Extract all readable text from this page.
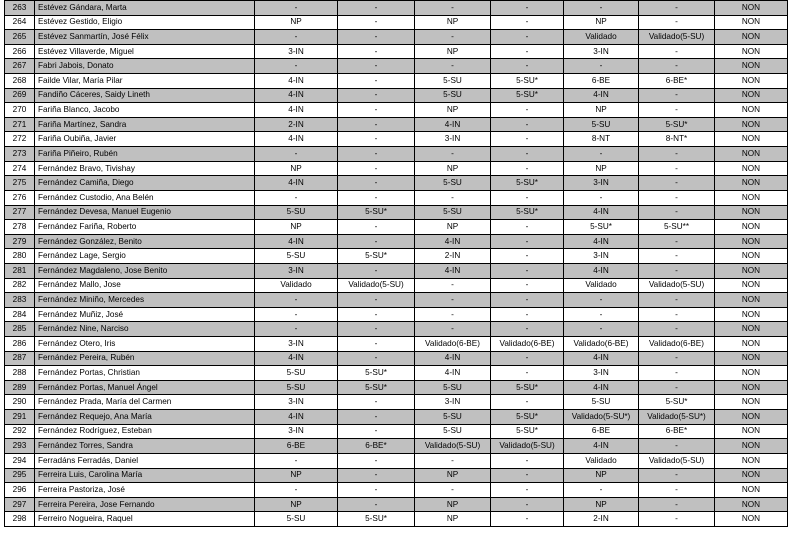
263	Estévez Gándara, Marta	-	-	-	-	-	-	NON
264	Estévez Gestido, Eligio	NP	-	NP	-	NP	-	NON
265	Estévez Sanmartín, José Félix	-	-	-	-	Validado	Validado(5-SU)	NON
266	Estévez Villaverde, Miguel	3-IN	-	NP	-	3-IN	-	NON
267	Fabri Jabois, Donato	-	-	-	-	-	-	NON
268	Failde Vilar, María Pilar	4-IN	-	5-SU	5-SU*	6-BE	6-BE*	NON
269	Fandiño Cáceres, Saidy Lineth	4-IN	-	5-SU	5-SU*	4-IN	-	NON
270	Fariña Blanco, Jacobo	4-IN	-	NP	-	NP	-	NON
271	Fariña Martínez, Sandra	2-IN	-	4-IN	-	5-SU	5-SU*	NON
272	Fariña Oubiña, Javier	4-IN	-	3-IN	-	8-NT	8-NT*	NON
273	Fariña Piñeiro, Rubén	-	-	-	-	-	-	NON
274	Fernández Bravo, Tivishay	NP	-	NP	-	NP	-	NON
275	Fernández Camiña, Diego	4-IN	-	5-SU	5-SU*	3-IN	-	NON
276	Fernández Custodio, Ana Belén	-	-	-	-	-	-	NON
277	Fernández Devesa, Manuel Eugenio	5-SU	5-SU*	5-SU	5-SU*	4-IN	-	NON
278	Fernández Fariña, Roberto	NP	-	NP	-	5-SU*	5-SU**	NON
279	Fernández González, Benito	4-IN	-	4-IN	-	4-IN	-	NON
280	Fernández Lage, Sergio	5-SU	5-SU*	2-IN	-	3-IN	-	NON
281	Fernández Magdaleno, Jose Benito	3-IN	-	4-IN	-	4-IN	-	NON
282	Fernández Mallo, Jose	Validado	Validado(5-SU)	-	-	Validado	Validado(5-SU)	NON
283	Fernández Miniño, Mercedes	-	-	-	-	-	-	NON
284	Fernández Muñiz, José	-	-	-	-	-	-	NON
285	Fernández Nine, Narciso	-	-	-	-	-	-	NON
286	Fernández Otero, Iris	3-IN	-	Validado(6-BE)	Validado(6-BE)	Validado(6-BE)	Validado(6-BE)	NON
287	Fernández Pereira, Rubén	4-IN	-	4-IN	-	4-IN	-	NON
288	Fernández Portas, Christian	5-SU	5-SU*	4-IN	-	3-IN	-	NON
289	Fernández Portas, Manuel Ángel	5-SU	5-SU*	5-SU	5-SU*	4-IN	-	NON
290	Fernández Prada, María del Carmen	3-IN	-	3-IN	-	5-SU	5-SU*	NON
291	Fernández Requejo, Ana María	4-IN	-	5-SU	5-SU*	Validado(5-SU*)	Validado(5-SU*)	NON
292	Fernández Rodríguez, Esteban	3-IN	-	5-SU	5-SU*	6-BE	6-BE*	NON
293	Fernández Torres, Sandra	6-BE	6-BE*	Validado(5-SU)	Validado(5-SU)	4-IN	-	NON
294	Ferradáns Ferradás, Daniel	-	-	-	-	Validado	Validado(5-SU)	NON
295	Ferreira Luis, Carolina María	NP	-	NP	-	NP	-	NON
296	Ferreira Pastoriza, José	-	-	-	-	-	-	NON
297	Ferreira Pereira, Jose Fernando	NP	-	NP	-	NP	-	NON
298	Ferreiro Nogueira, Raquel	5-SU	5-SU*	NP	-	2-IN	-	NON
